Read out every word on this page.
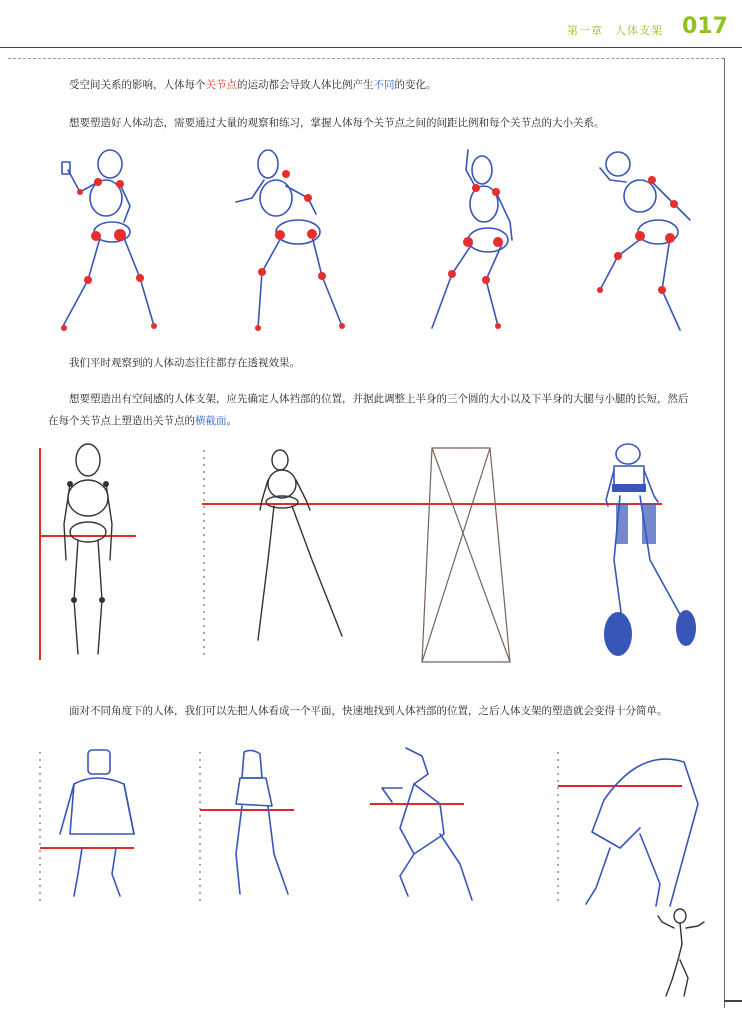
第一章　人体支架 017
受空间关系的影响，人体每个关节点的运动都会导致人体比例产生不同的变化。
想要塑造好人体动态，需要通过大量的观察和练习，掌握人体每个关节点之间的间距比例和每个关节点的大小关系。
我们平时观察到的人体动态往往都存在透视效果。
想要塑造出有空间感的人体支架，应先确定人体裆部的位置，并据此调整上半身的三个圆的大小以及下半身的大腿与小腿的长短，然后在每个关节点上塑造出关节点的横截面。
面对不同角度下的人体，我们可以先把人体看成一个平面，快速地找到人体裆部的位置，之后人体支架的塑造就会变得十分简单。
